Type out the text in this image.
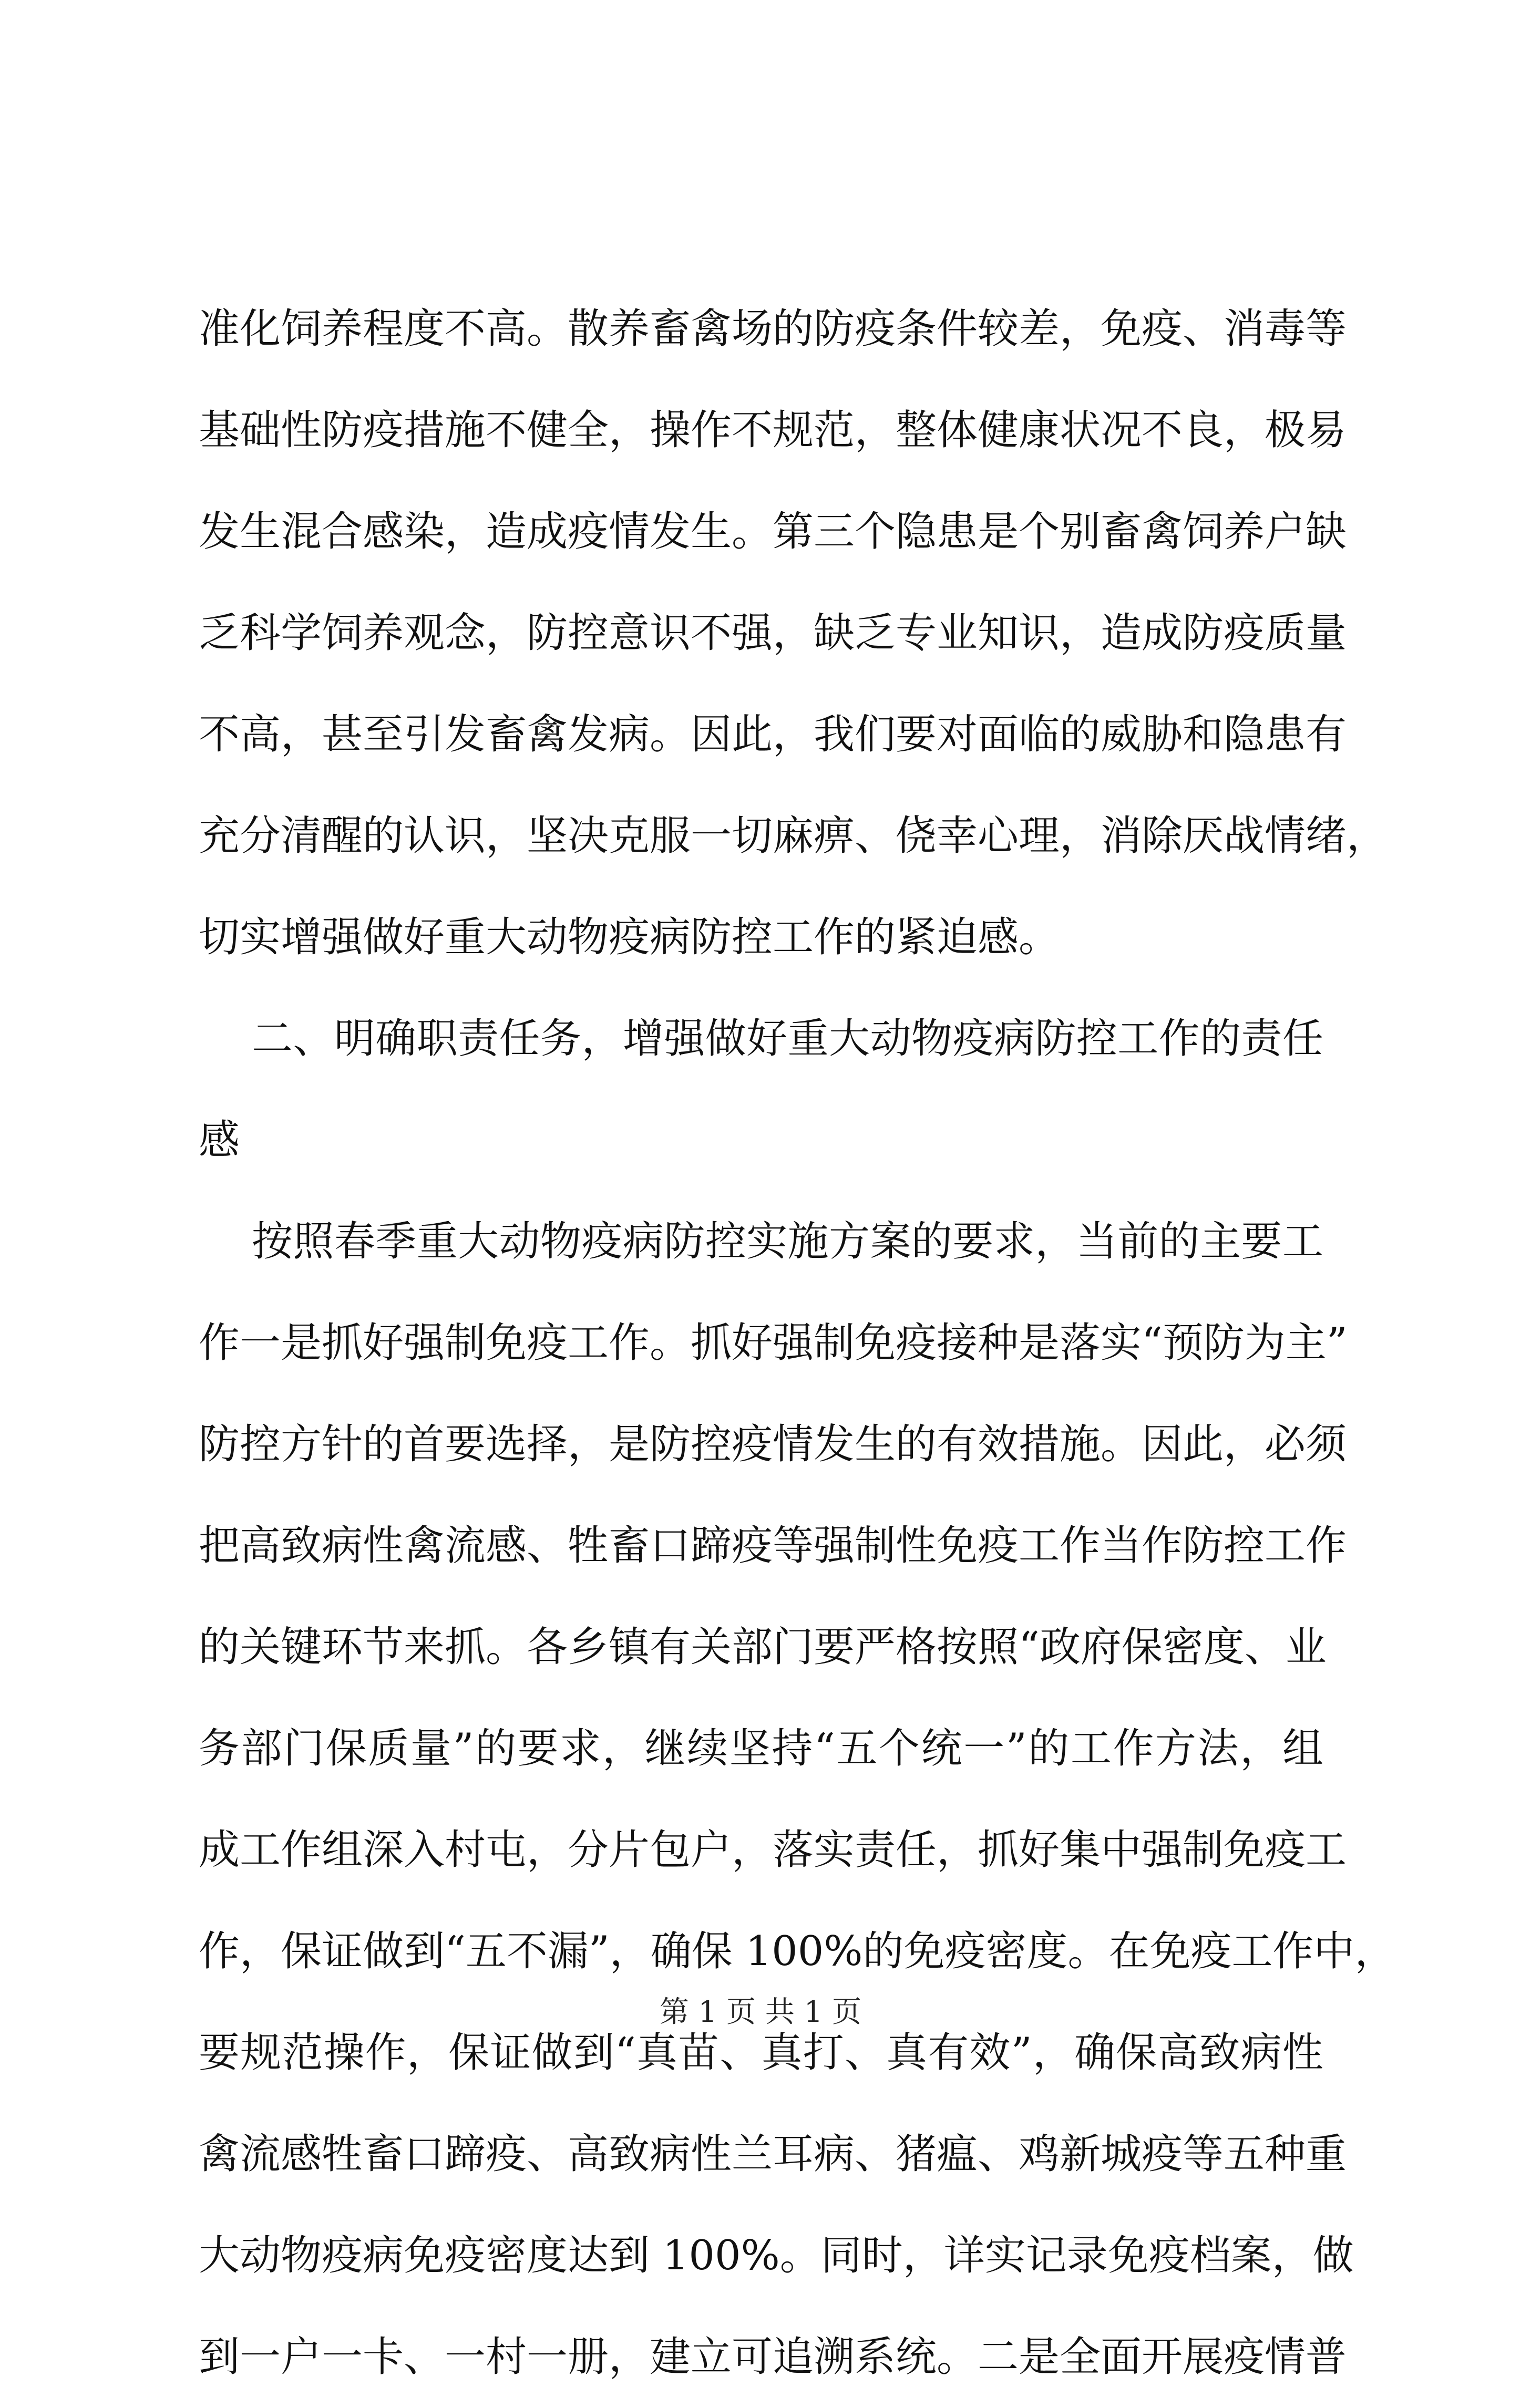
准化饲养程度不高。散养畜禽场的防疫条件较差，免疫、消毒等
基础性防疫措施不健全，操作不规范，整体健康状况不良，极易
发生混合感染，造成疫情发生。第三个隐患是个别畜禽饲养户缺
乏科学饲养观念，防控意识不强，缺乏专业知识，造成防疫质量
不高，甚至引发畜禽发病。因此，我们要对面临的威胁和隐患有
充分清醒的认识，坚决克服一切麻痹、侥幸心理，消除厌战情绪，
切实增强做好重大动物疫病防控工作的紧迫感。
二、明确职责任务，增强做好重大动物疫病防控工作的责任
感
按照春季重大动物疫病防控实施方案的要求，当前的主要工
作一是抓好强制免疫工作。抓好强制免疫接种是落实“预防为主”
防控方针的首要选择，是防控疫情发生的有效措施。因此，必须
把高致病性禽流感、牲畜口蹄疫等强制性免疫工作当作防控工作
的关键环节来抓。各乡镇有关部门要严格按照“政府保密度、业
务部门保质量”的要求，继续坚持“五个统一”的工作方法，组
成工作组深入村屯，分片包户，落实责任，抓好集中强制免疫工
作，保证做到“五不漏”，确保 100%的免疫密度。在免疫工作中，
要规范操作，保证做到“真苗、真打、真有效”，确保高致病性
禽流感牲畜口蹄疫、高致病性兰耳病、猪瘟、鸡新城疫等五种重
大动物疫病免疫密度达到 100%。同时，详实记录免疫档案，做
到一户一卡、一村一册，建立可追溯系统。二是全面开展疫情普
第 1 页 共 1 页
